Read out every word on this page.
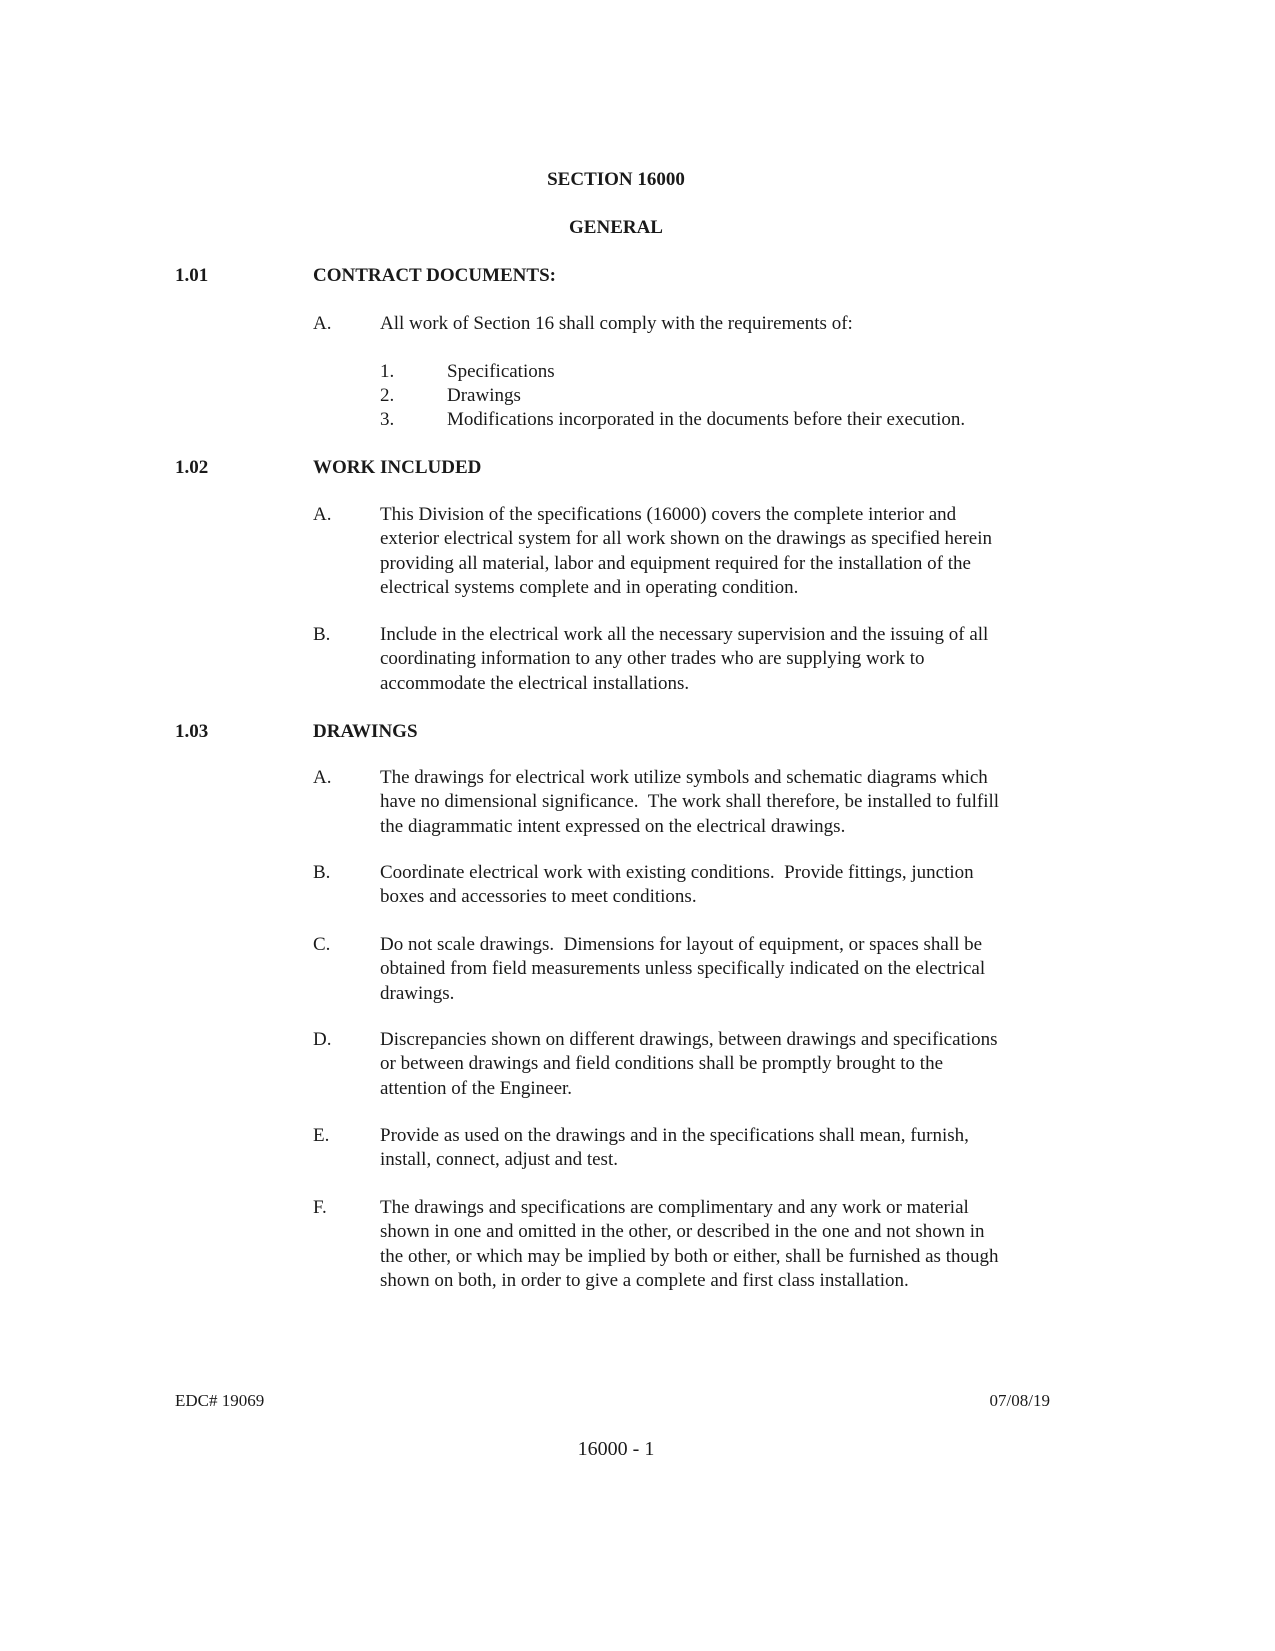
SECTION 16000
GENERAL
1.01	CONTRACT DOCUMENTS:
A.	All work of Section 16 shall comply with the requirements of:
1.	Specifications
2.	Drawings
3.	Modifications incorporated in the documents before their execution.
1.02	WORK INCLUDED
A.	This Division of the specifications (16000) covers the complete interior and
exterior electrical system for all work shown on the drawings as specified herein
providing all material, labor and equipment required for the installation of the
electrical systems complete and in operating condition.
B.	Include in the electrical work all the necessary supervision and the issuing of all
coordinating information to any other trades who are supplying work to
accommodate the electrical installations.
1.03	DRAWINGS
A.	The drawings for electrical work utilize symbols and schematic diagrams which
have no dimensional significance.  The work shall therefore, be installed to fulfill
the diagrammatic intent expressed on the electrical drawings.
B.	Coordinate electrical work with existing conditions.  Provide fittings, junction
boxes and accessories to meet conditions.
C.	Do not scale drawings.  Dimensions for layout of equipment, or spaces shall be
obtained from field measurements unless specifically indicated on the electrical
drawings.
D.	Discrepancies shown on different drawings, between drawings and specifications
or between drawings and field conditions shall be promptly brought to the
attention of the Engineer.
E.	Provide as used on the drawings and in the specifications shall mean, furnish,
install, connect, adjust and test.
F.	The drawings and specifications are complimentary and any work or material
shown in one and omitted in the other, or described in the one and not shown in
the other, or which may be implied by both or either, shall be furnished as though
shown on both, in order to give a complete and first class installation.
EDC# 19069	07/08/19
16000 - 1
